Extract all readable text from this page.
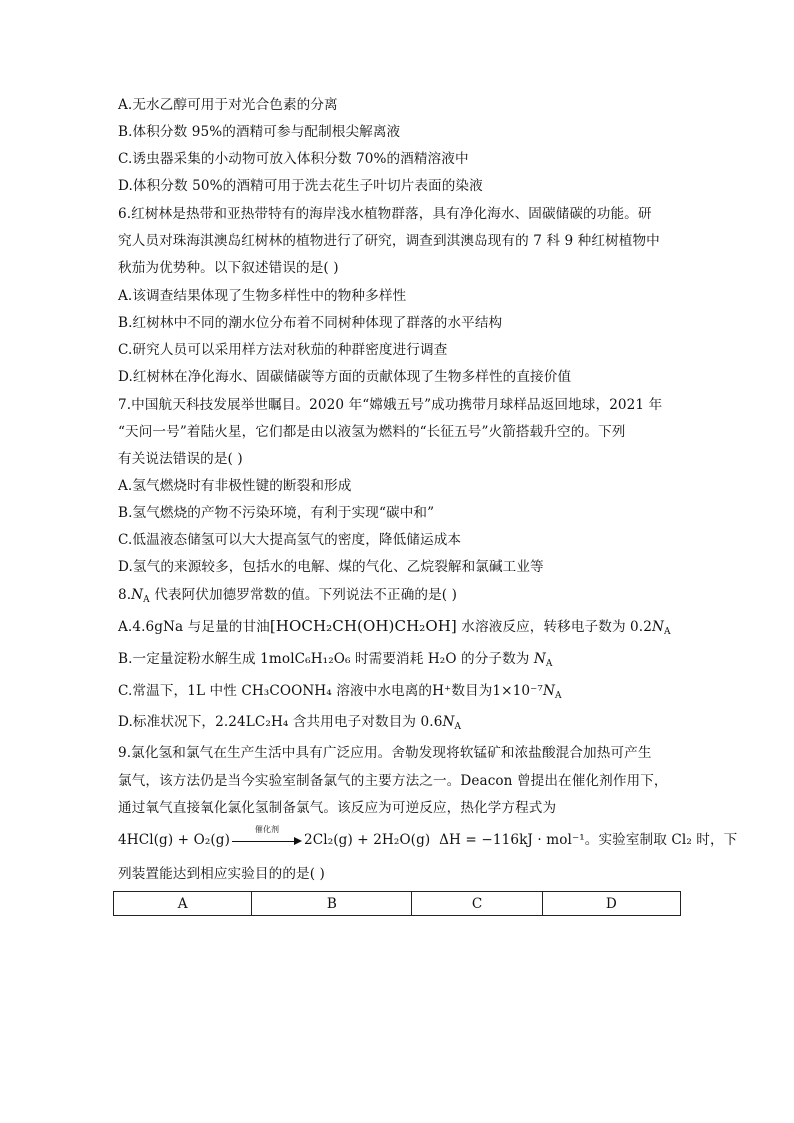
A.无水乙醇可用于对光合色素的分离
B.体积分数 95%的酒精可参与配制根尖解离液
C.诱虫器采集的小动物可放入体积分数 70%的酒精溶液中
D.体积分数 50%的酒精可用于洗去花生子叶切片表面的染液
6.红树林是热带和亚热带特有的海岸浅水植物群落，具有净化海水、固碳储碳的功能。研
究人员对珠海淇澳岛红树林的植物进行了研究，调查到淇澳岛现有的 7 科 9 种红树植物中
秋茄为优势种。以下叙述错误的是( )
A.该调查结果体现了生物多样性中的物种多样性
B.红树林中不同的潮水位分布着不同树种体现了群落的水平结构
C.研究人员可以采用样方法对秋茄的种群密度进行调查
D.红树林在净化海水、固碳储碳等方面的贡献体现了生物多样性的直接价值
7.中国航天科技发展举世瞩目。2020 年“嫦娥五号”成功携带月球样品返回地球，2021 年
“天问一号”着陆火星，它们都是由以液氢为燃料的“长征五号”火箭搭载升空的。下列
有关说法错误的是( )
A.氢气燃烧时有非极性键的断裂和形成
B.氢气燃烧的产物不污染环境，有利于实现“碳中和”
C.低温液态储氢可以大大提高氢气的密度，降低储运成本
D.氢气的来源较多，包括水的电解、煤的气化、乙烷裂解和氯碱工业等
$8.N_A$ 代表阿伏加德罗常数的值。下列说法不正确的是( )
A.4.6gNa 与足量的甘油[HOCH₂CH(OH)CH₂OH] 水溶液反应，转移电子数为 $0.2N_A$
B.一定量淀粉水解生成 1molC₆H₁₂O₆ 时需要消耗 H₂O 的分子数为 $N_A$
C.常温下，1L 中性 CH₃COONH₄ 溶液中水电离的H⁺数目为$1\times 10^{-7}N_A$
D.标准状况下，2.24LC₂H₄ 含共用电子对数目为 $0.6N_A$
9.氯化氢和氯气在生产生活中具有广泛应用。舍勒发现将软锰矿和浓盐酸混合加热可产生
氯气，该方法仍是当今实验室制备氯气的主要方法之一。Deacon 曾提出在催化剂作用下，
通过氧气直接氧化氯化氢制备氯气。该反应为可逆反应，热化学方程式为
4HCl(g) + O₂(g)
催化剂
2Cl₂(g) + 2H₂O(g) ΔH = −116kJ · mol⁻¹。实验室制取 Cl₂ 时，下
列装置能达到相应实验目的的是( )
A	B	C	D
